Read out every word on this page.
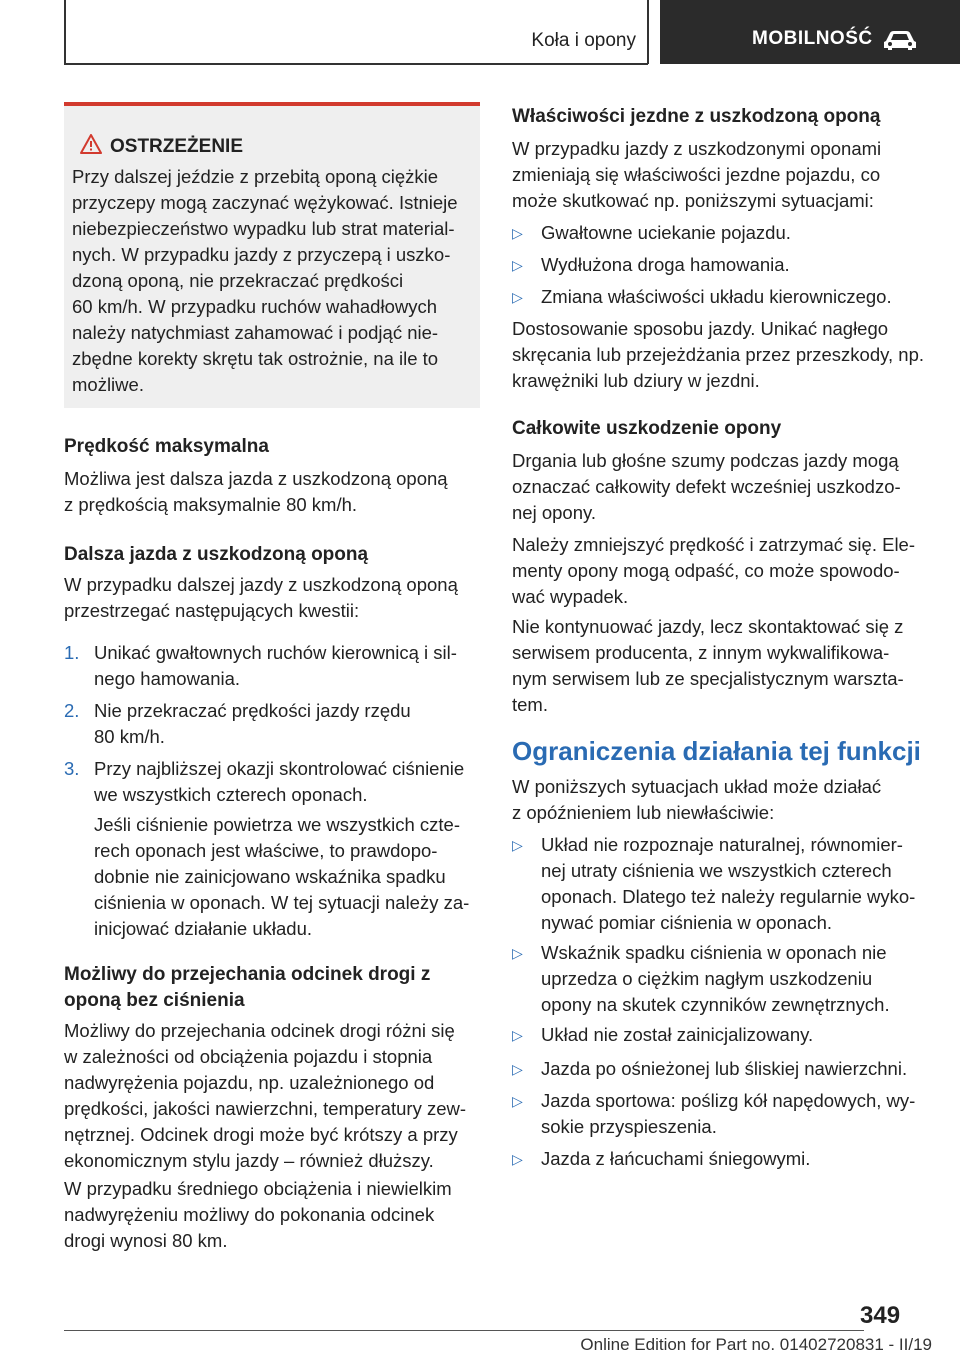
Koła i opony	MOBILNOŚĆ
OSTRZEŻENIE
Przy dalszej jeździe z przebitą oponą ciężkie
przyczepy mogą zaczynać wężykować. Istnieje
niebezpieczeństwo wypadku lub strat material‐
nych. W przypadku jazdy z przyczepą i uszko‐
dzoną oponą, nie przekraczać prędkości
60 km/h. W przypadku ruchów wahadłowych
należy natychmiast zahamować i podjąć nie‐
zbędne korekty skrętu tak ostrożnie, na ile to
możliwe.
Prędkość maksymalna
Możliwa jest dalsza jazda z uszkodzoną oponą
z prędkością maksymalnie 80 km/h.
Dalsza jazda z uszkodzoną oponą
W przypadku dalszej jazdy z uszkodzoną oponą
przestrzegać następujących kwestii:
1. Unikać gwałtownych ruchów kierownicą i sil‐
nego hamowania.
2. Nie przekraczać prędkości jazdy rzędu
80 km/h.
3. Przy najbliższej okazji skontrolować ciśnienie
we wszystkich czterech oponach.
Jeśli ciśnienie powietrza we wszystkich czte‐
rech oponach jest właściwe, to prawdopo‐
dobnie nie zainicjowano wskaźnika spadku
ciśnienia w oponach. W tej sytuacji należy za‐
inicjować działanie układu.
Możliwy do przejechania odcinek drogi z
oponą bez ciśnienia
Możliwy do przejechania odcinek drogi różni się
w zależności od obciążenia pojazdu i stopnia
nadwyrężenia pojazdu, np. uzależnionego od
prędkości, jakości nawierzchni, temperatury zew‐
nętrznej. Odcinek drogi może być krótszy a przy
ekonomicznym stylu jazdy – również dłuższy.
W przypadku średniego obciążenia i niewielkim
nadwyrężeniu możliwy do pokonania odcinek
drogi wynosi 80 km.
Właściwości jezdne z uszkodzoną oponą
W przypadku jazdy z uszkodzonymi oponami
zmieniają się właściwości jezdne pojazdu, co
może skutkować np. poniższymi sytuacjami:
▷ Gwałtowne uciekanie pojazdu.
▷ Wydłużona droga hamowania.
▷ Zmiana właściwości układu kierowniczego.
Dostosowanie sposobu jazdy. Unikać nagłego
skręcania lub przejeżdżania przez przeszkody, np.
krawężniki lub dziury w jezdni.
Całkowite uszkodzenie opony
Drgania lub głośne szumy podczas jazdy mogą
oznaczać całkowity defekt wcześniej uszkodzo‐
nej opony.
Należy zmniejszyć prędkość i zatrzymać się. Ele‐
menty opony mogą odpaść, co może spowodo‐
wać wypadek.
Nie kontynuować jazdy, lecz skontaktować się z
serwisem producenta, z innym wykwalifikowa‐
nym serwisem lub ze specjalistycznym warszta‐
tem.
Ograniczenia działania tej funkcji
W poniższych sytuacjach układ może działać
z opóźnieniem lub niewłaściwie:
▷ Układ nie rozpoznaje naturalnej, równomier‐
nej utraty ciśnienia we wszystkich czterech
oponach. Dlatego też należy regularnie wyko‐
nywać pomiar ciśnienia w oponach.
▷ Wskaźnik spadku ciśnienia w oponach nie
uprzedza o ciężkim nagłym uszkodzeniu
opony na skutek czynników zewnętrznych.
▷ Układ nie został zainicjalizowany.
▷ Jazda po ośnieżonej lub śliskiej nawierzchni.
▷ Jazda sportowa: poślizg kół napędowych, wy‐
sokie przyspieszenia.
▷ Jazda z łańcuchami śniegowymi.
349
Online Edition for Part no. 01402720831 - II/19
